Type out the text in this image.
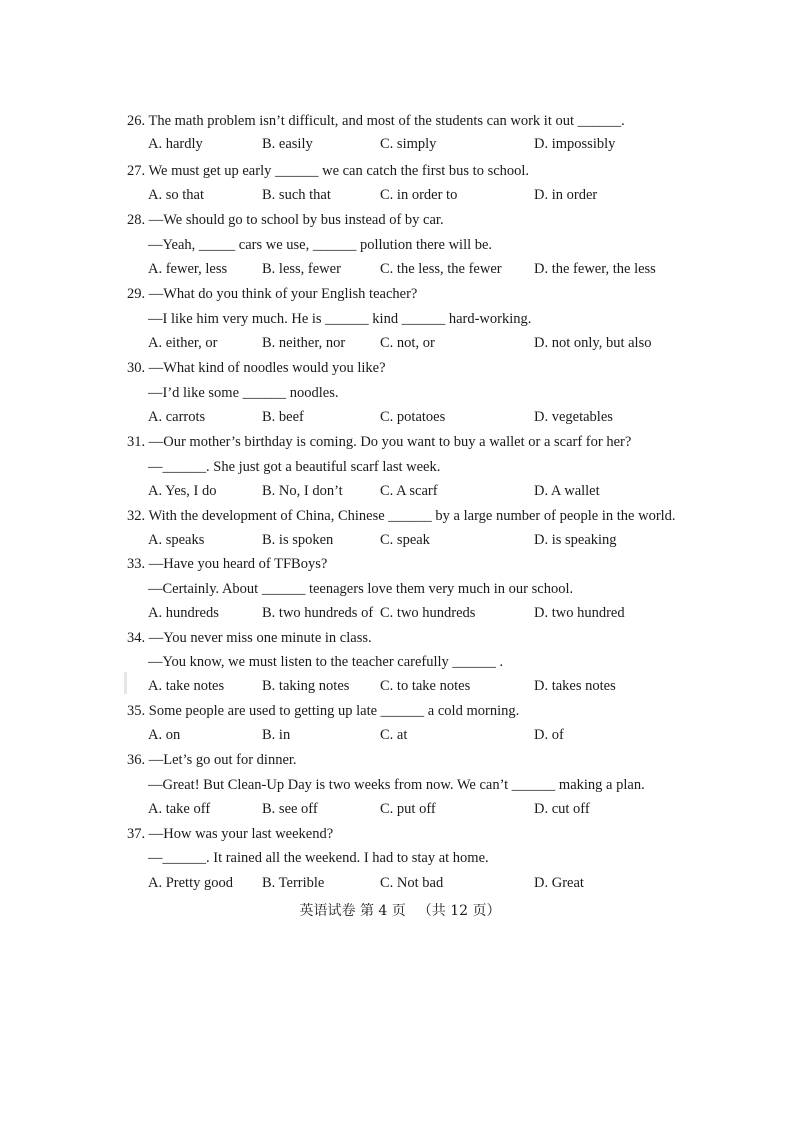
26. The math problem isn’t difficult, and most of the students can work it out ______.
A. hardly	B. easily	C. simply	D. impossibly
27. We must get up early ______ we can catch the first bus to school.
A. so that	B. such that	C. in order to	D. in order
28. —We should go to school by bus instead of by car.
—Yeah, _____ cars we use, ______ pollution there will be.
A. fewer, less B. less, fewer	C. the less, the fewer D. the fewer, the less
29. —What do you think of your English teacher?
—I like him very much. He is ______ kind ______ hard-working.
A. either, or	B. neither, nor C. not, or	D. not only, but also
30. —What kind of noodles would you like?
—I’d like some ______ noodles.
A. carrots	B. beef	C. potatoes	D. vegetables
31. —Our mother’s birthday is coming. Do you want to buy a wallet or a scarf for her?
—______. She just got a beautiful scarf last week.
A. Yes, I do	B. No, I don’t	C. A scarf	D. A wallet
32. With the development of China, Chinese ______ by a large number of people in the world.
A. speaks	B. is spoken	C. speak	D. is speaking
33. —Have you heard of TFBoys?
—Certainly. About ______ teenagers love them very much in our school.
A. hundreds	B. two hundreds of C. two hundreds	D. two hundred
34. —You never miss one minute in class.
—You know, we must listen to the teacher carefully ______ .
A. take notes	B. taking notes C. to take notes	D. takes notes
35. Some people are used to getting up late ______ a cold morning.
A. on	B. in	C. at	D. of
36. —Let’s go out for dinner.
—Great! But Clean-Up Day is two weeks from now. We can’t ______ making a plan.
A. take off	B. see off	C. put off	D. cut off
37. —How was your last weekend?
—______. It rained all the weekend. I had to stay at home.
A. Pretty good B. Terrible	C. Not bad	D. Great
英语试卷 第 4 页 （共 12 页）
